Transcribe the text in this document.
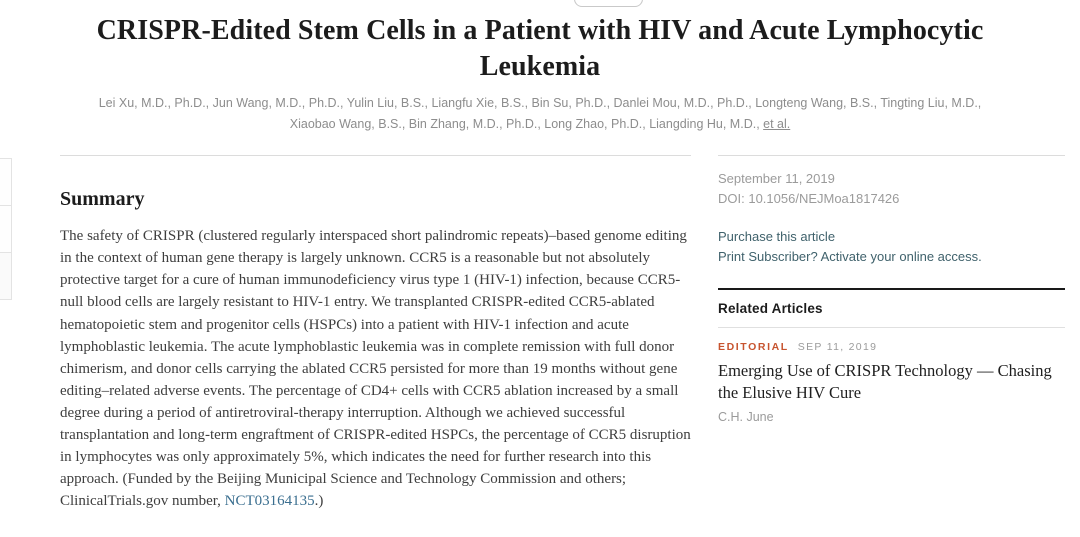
CRISPR-Edited Stem Cells in a Patient with HIV and Acute Lymphocytic Leukemia

Lei Xu, M.D., Ph.D., Jun Wang, M.D., Ph.D., Yulin Liu, B.S., Liangfu Xie, B.S., Bin Su, Ph.D., Danlei Mou, M.D., Ph.D., Longteng Wang, B.S., Tingting Liu, M.D., Xiaobao Wang, B.S., Bin Zhang, M.D., Ph.D., Long Zhao, Ph.D., Liangding Hu, M.D., et al.

Summary

The safety of CRISPR (clustered regularly interspaced short palindromic repeats)–based genome editing in the context of human gene therapy is largely unknown. CCR5 is a reasonable but not absolutely protective target for a cure of human immunodeficiency virus type 1 (HIV-1) infection, because CCR5-null blood cells are largely resistant to HIV-1 entry. We transplanted CRISPR-edited CCR5-ablated hematopoietic stem and progenitor cells (HSPCs) into a patient with HIV-1 infection and acute lymphoblastic leukemia. The acute lymphoblastic leukemia was in complete remission with full donor chimerism, and donor cells carrying the ablated CCR5 persisted for more than 19 months without gene editing–related adverse events. The percentage of CD4+ cells with CCR5 ablation increased by a small degree during a period of antiretroviral-therapy interruption. Although we achieved successful transplantation and long-term engraftment of CRISPR-edited HSPCs, the percentage of CCR5 disruption in lymphocytes was only approximately 5%, which indicates the need for further research into this approach. (Funded by the Beijing Municipal Science and Technology Commission and others; ClinicalTrials.gov number, NCT03164135.)

September 11, 2019
DOI: 10.1056/NEJMoa1817426
Purchase this article
Print Subscriber? Activate your online access.
Related Articles
EDITORIAL SEP 11, 2019
Emerging Use of CRISPR Technology — Chasing the Elusive HIV Cure
C.H. June
